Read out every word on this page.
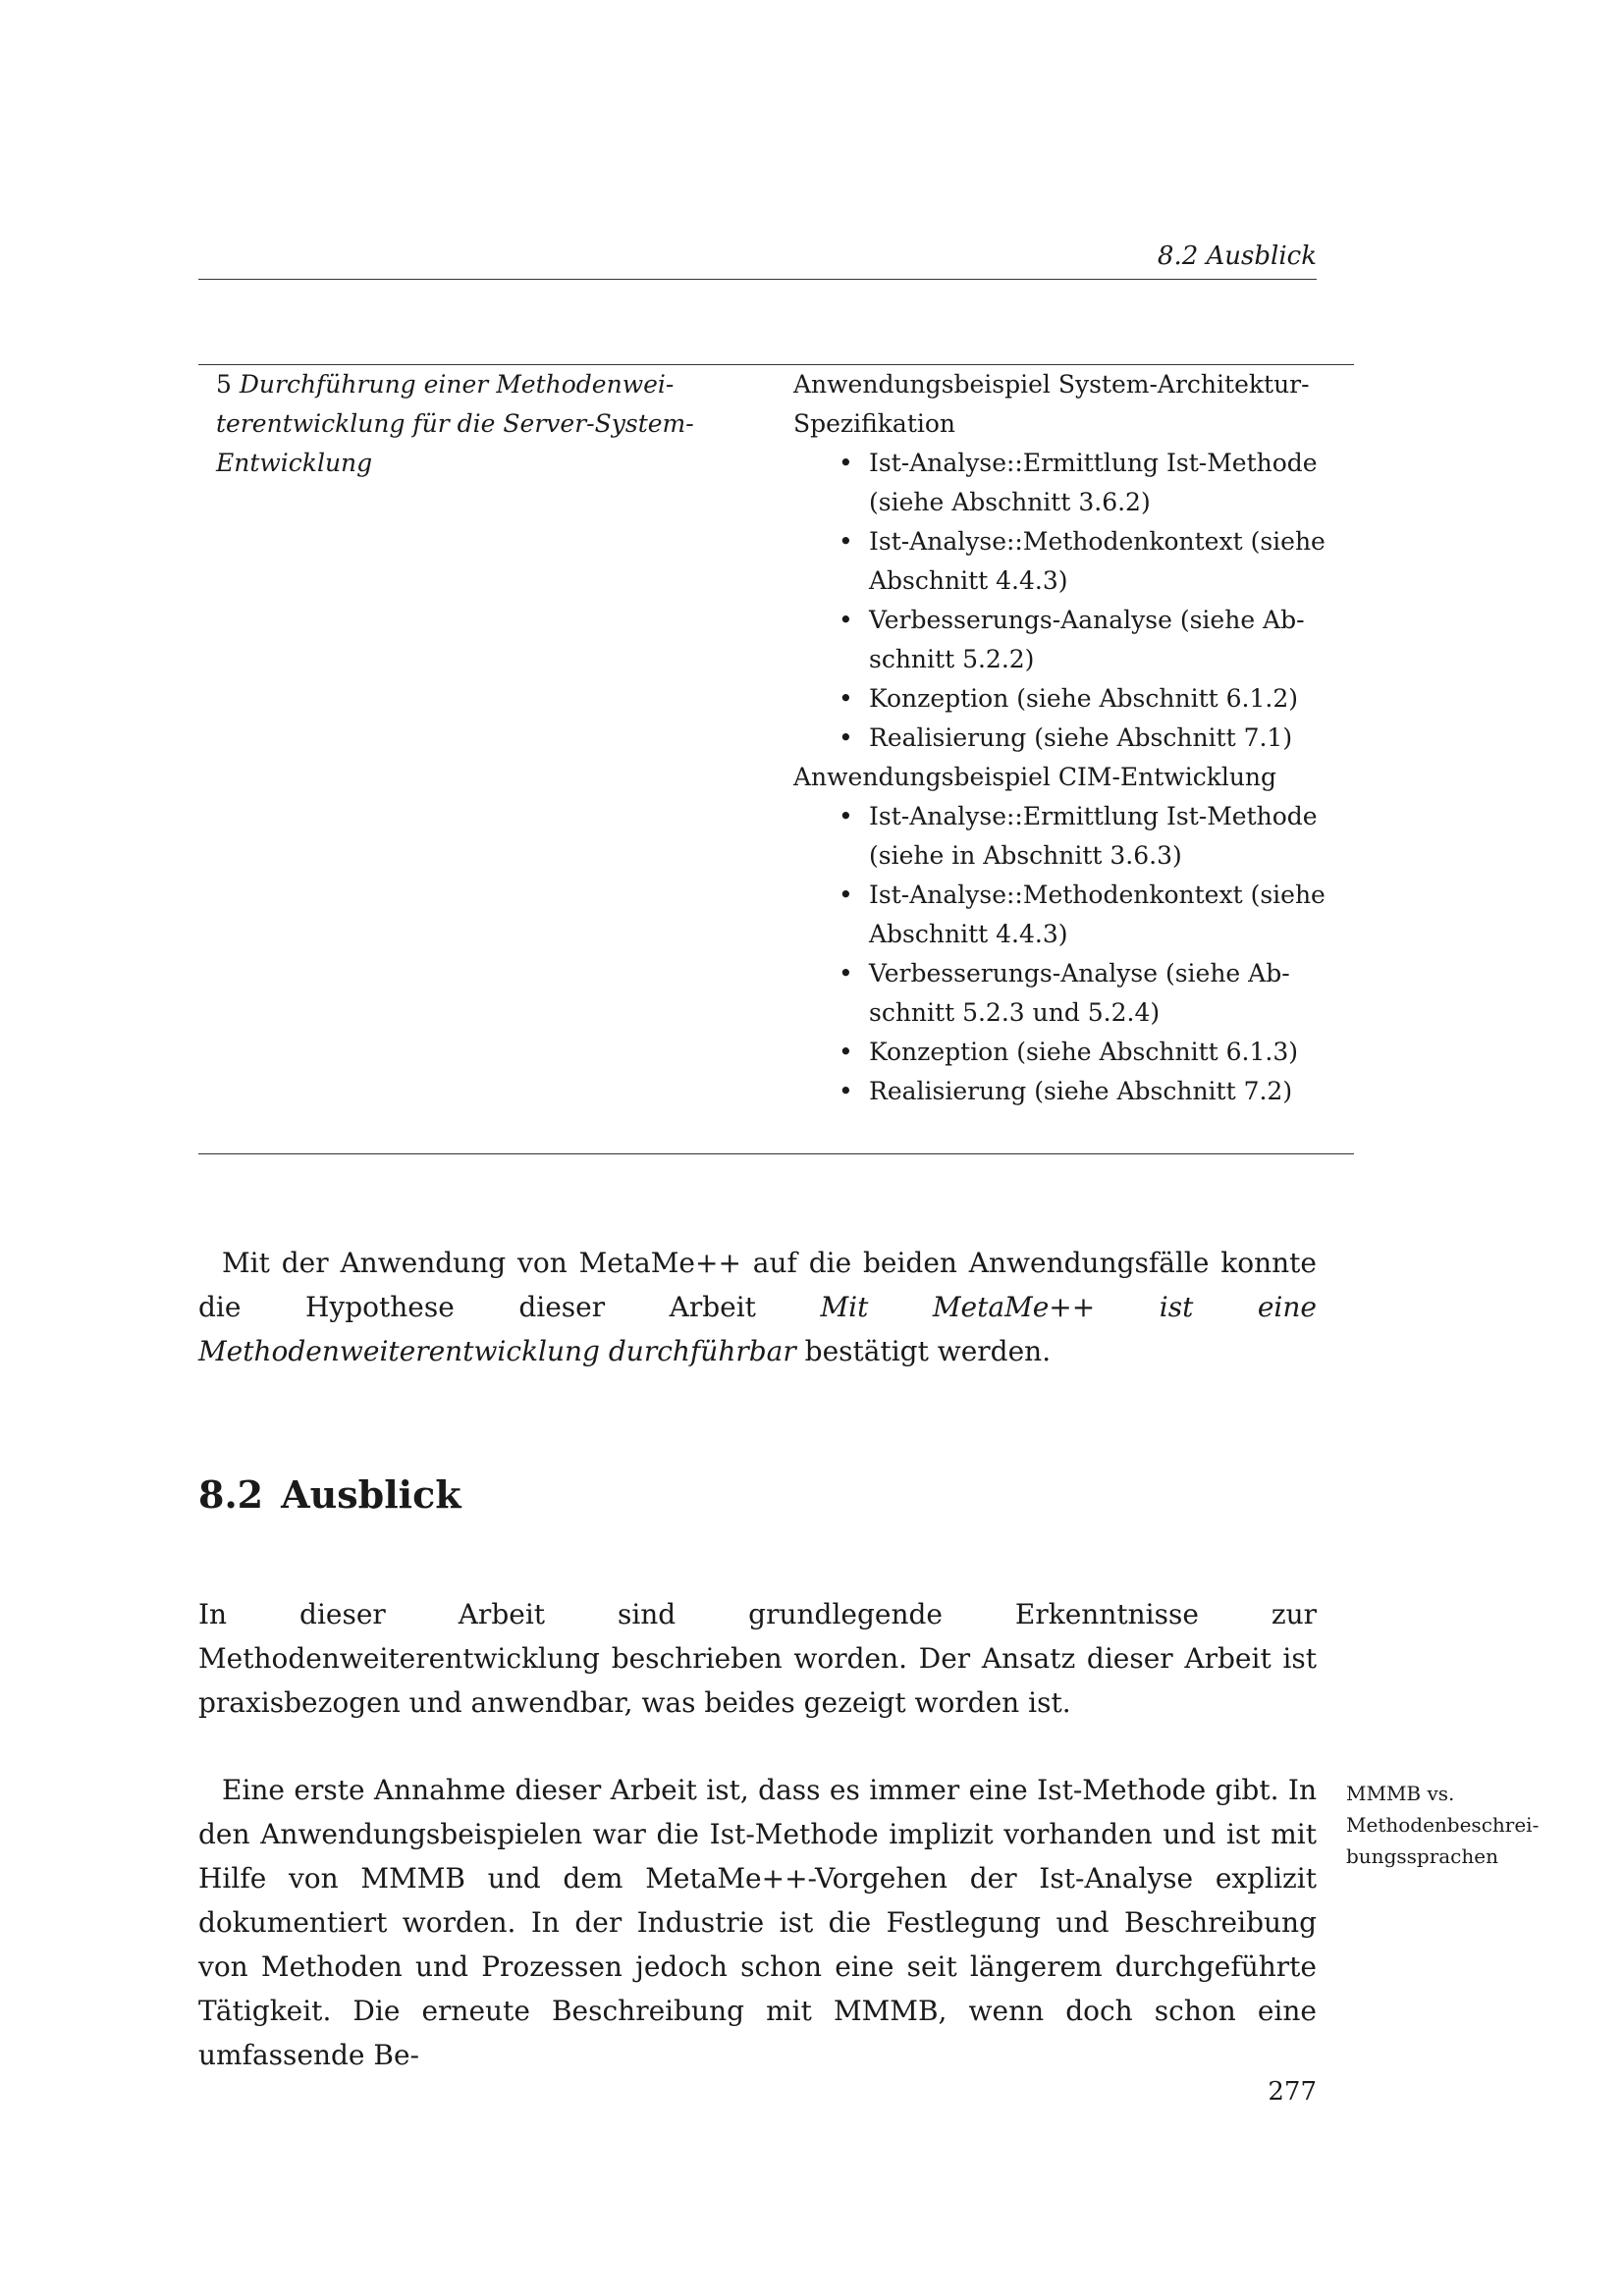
8.2 Ausblick
5 Durchführung einer Methodenwei-
terentwicklung für die Server-System-
Entwicklung
Anwendungsbeispiel System-Architektur-
Spezifikation
• Ist-Analyse::Ermittlung Ist-Methode
(siehe Abschnitt 3.6.2)
• Ist-Analyse::Methodenkontext (siehe
Abschnitt 4.4.3)
• Verbesserungs-Aanalyse (siehe Ab-
schnitt 5.2.2)
• Konzeption (siehe Abschnitt 6.1.2)
• Realisierung (siehe Abschnitt 7.1)
Anwendungsbeispiel CIM-Entwicklung
• Ist-Analyse::Ermittlung Ist-Methode
(siehe in Abschnitt 3.6.3)
• Ist-Analyse::Methodenkontext (siehe
Abschnitt 4.4.3)
• Verbesserungs-Analyse (siehe Ab-
schnitt 5.2.3 und 5.2.4)
• Konzeption (siehe Abschnitt 6.1.3)
• Realisierung (siehe Abschnitt 7.2)

Mit der Anwendung von MetaMe++ auf die beiden Anwendungsfälle konnte die Hypothese dieser Arbeit Mit MetaMe++ ist eine Methodenweiterentwicklung durchführbar bestätigt werden.

8.2 Ausblick

In dieser Arbeit sind grundlegende Erkenntnisse zur Methodenweiterentwicklung beschrieben worden. Der Ansatz dieser Arbeit ist praxisbezogen und anwendbar, was beides gezeigt worden ist.

Eine erste Annahme dieser Arbeit ist, dass es immer eine Ist-Methode gibt. In den Anwendungsbeispielen war die Ist-Methode implizit vorhanden und ist mit Hilfe von MMMB und dem MetaMe++-Vorgehen der Ist-Analyse explizit dokumentiert worden. In der Industrie ist die Festlegung und Beschreibung von Methoden und Prozessen jedoch schon eine seit längerem durchgeführte Tätigkeit. Die erneute Beschreibung mit MMMB, wenn doch schon eine umfassende Be-

MMMB vs.
Methodenbeschrei-
bungssprachen
277
